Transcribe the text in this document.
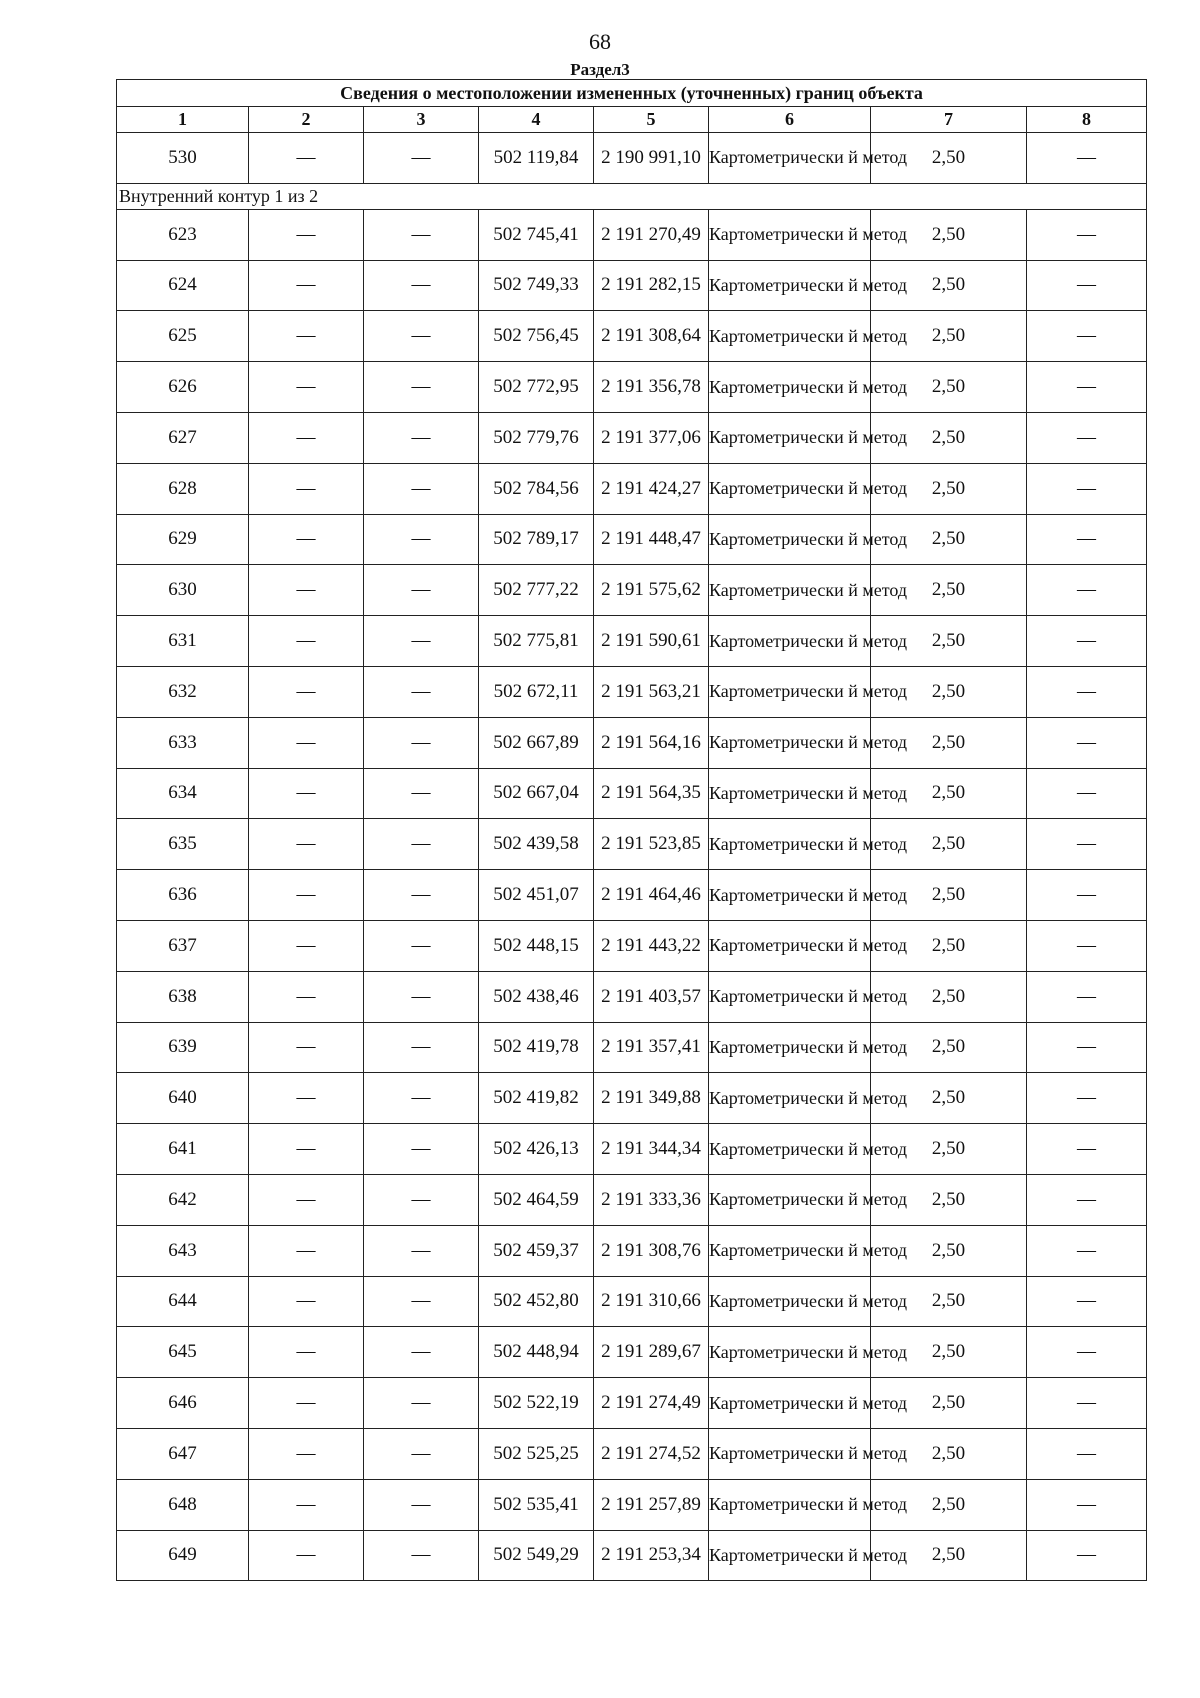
68
Раздел3
Сведения о местоположении измененных (уточненных) границ объекта							
1	2	3	4	5	6	7	8
530	—	—	502 119,84	2 190 991,10	Картометрически й метод	2,50	—
Внутренний контур 1 из 2							
623	—	—	502 745,41	2 191 270,49	Картометрически й метод	2,50	—
624	—	—	502 749,33	2 191 282,15	Картометрически й метод	2,50	—
625	—	—	502 756,45	2 191 308,64	Картометрически й метод	2,50	—
626	—	—	502 772,95	2 191 356,78	Картометрически й метод	2,50	—
627	—	—	502 779,76	2 191 377,06	Картометрически й метод	2,50	—
628	—	—	502 784,56	2 191 424,27	Картометрически й метод	2,50	—
629	—	—	502 789,17	2 191 448,47	Картометрически й метод	2,50	—
630	—	—	502 777,22	2 191 575,62	Картометрически й метод	2,50	—
631	—	—	502 775,81	2 191 590,61	Картометрически й метод	2,50	—
632	—	—	502 672,11	2 191 563,21	Картометрически й метод	2,50	—
633	—	—	502 667,89	2 191 564,16	Картометрически й метод	2,50	—
634	—	—	502 667,04	2 191 564,35	Картометрически й метод	2,50	—
635	—	—	502 439,58	2 191 523,85	Картометрически й метод	2,50	—
636	—	—	502 451,07	2 191 464,46	Картометрически й метод	2,50	—
637	—	—	502 448,15	2 191 443,22	Картометрически й метод	2,50	—
638	—	—	502 438,46	2 191 403,57	Картометрически й метод	2,50	—
639	—	—	502 419,78	2 191 357,41	Картометрически й метод	2,50	—
640	—	—	502 419,82	2 191 349,88	Картометрически й метод	2,50	—
641	—	—	502 426,13	2 191 344,34	Картометрически й метод	2,50	—
642	—	—	502 464,59	2 191 333,36	Картометрически й метод	2,50	—
643	—	—	502 459,37	2 191 308,76	Картометрически й метод	2,50	—
644	—	—	502 452,80	2 191 310,66	Картометрически й метод	2,50	—
645	—	—	502 448,94	2 191 289,67	Картометрически й метод	2,50	—
646	—	—	502 522,19	2 191 274,49	Картометрически й метод	2,50	—
647	—	—	502 525,25	2 191 274,52	Картометрически й метод	2,50	—
648	—	—	502 535,41	2 191 257,89	Картометрически й метод	2,50	—
649	—	—	502 549,29	2 191 253,34	Картометрически й метод	2,50	—
